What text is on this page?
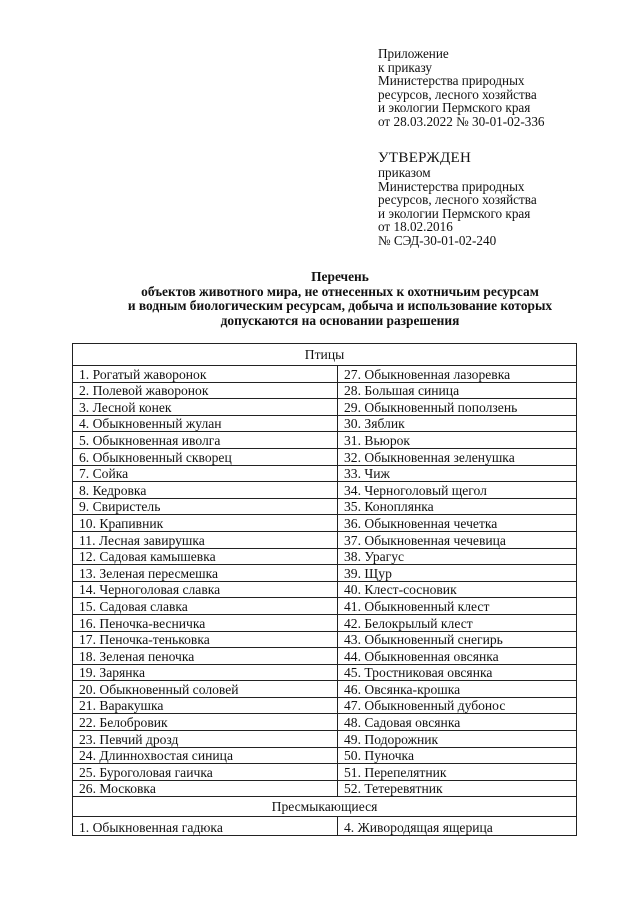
Приложение
к приказу
Министерства природных
ресурсов, лесного хозяйства
и экологии Пермского края
от 28.03.2022 № 30-01-02-336
УТВЕРЖДЕН
приказом
Министерства природных
ресурсов, лесного хозяйства
и экологии Пермского края
от 18.02.2016
№ СЭД-30-01-02-240
Перечень
объектов животного мира, не отнесенных к охотничьим ресурсам
и водным биологическим ресурсам, добыча и использование которых
допускаются на основании разрешения
Птицы	
1. Рогатый жаворонок	27. Обыкновенная лазоревка
2. Полевой жаворонок	28. Большая синица
3. Лесной конек	29. Обыкновенный поползень
4. Обыкновенный жулан	30. Зяблик
5. Обыкновенная иволга	31. Вьюрок
6. Обыкновенный скворец	32. Обыкновенная зеленушка
7. Сойка	33. Чиж
8. Кедровка	34. Черноголовый щегол
9. Свиристель	35. Коноплянка
10. Крапивник	36. Обыкновенная чечетка
11. Лесная завирушка	37. Обыкновенная чечевица
12. Садовая камышевка	38. Урагус
13. Зеленая пересмешка	39. Щур
14. Черноголовая славка	40. Клест-сосновик
15. Садовая славка	41. Обыкновенный клест
16. Пеночка-весничка	42. Белокрылый клест
17. Пеночка-теньковка	43. Обыкновенный снегирь
18. Зеленая пеночка	44. Обыкновенная овсянка
19. Зарянка	45. Тростниковая овсянка
20. Обыкновенный соловей	46. Овсянка-крошка
21. Варакушка	47. Обыкновенный дубонос
22. Белобровик	48. Садовая овсянка
23. Певчий дрозд	49. Подорожник
24. Длиннохвостая синица	50. Пуночка
25. Буроголовая гаичка	51. Перепелятник
26. Московка	52. Тетеревятник
Пресмыкающиеся	
1. Обыкновенная гадюка	4. Живородящая ящерица
